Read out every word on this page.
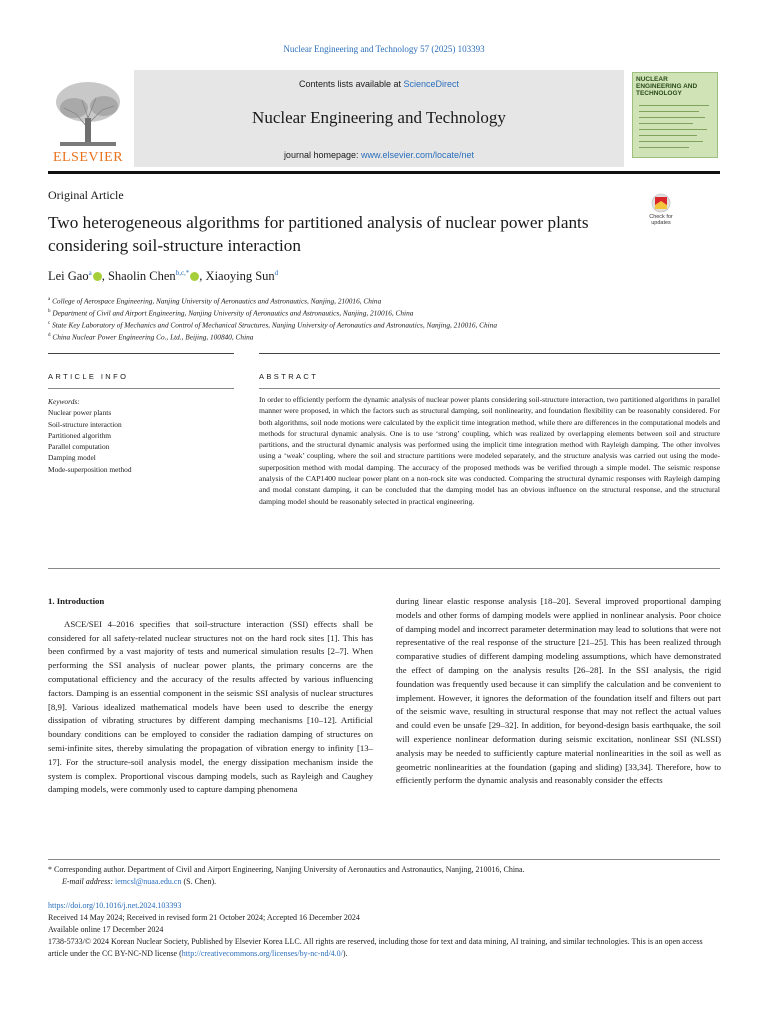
Nuclear Engineering and Technology 57 (2025) 103393
ELSEVIER
Contents lists available at ScienceDirect
Nuclear Engineering and Technology
journal homepage: www.elsevier.com/locate/net
NUCLEAR
ENGINEERING AND
TECHNOLOGY
Original Article
Two heterogeneous algorithms for partitioned analysis of nuclear power plants considering soil-structure interaction
Check for
updates
Lei Gao$^a$ , Shaolin Chen$^{b,c,*}$ , Xiaoying Sun$^d$
$^a$ College of Aerospace Engineering, Nanjing University of Aeronautics and Astronautics, Nanjing, 210016, China
$^b$ Department of Civil and Airport Engineering, Nanjing University of Aeronautics and Astronautics, Nanjing, 210016, China
$^c$ State Key Laboratory of Mechanics and Control of Mechanical Structures, Nanjing University of Aeronautics and Astronautics, Nanjing, 210016, China
$^d$ China Nuclear Power Engineering Co., Ltd., Beijing, 100840, China
ARTICLE INFO	ABSTRACT
Keywords:
Nuclear power plants
Soil-structure interaction
Partitioned algorithm
Parallel computation
Damping model
Mode-superposition method
In order to efficiently perform the dynamic analysis of nuclear power plants considering soil-structure interaction, two partitioned algorithms in parallel manner were proposed, in which the factors such as structural damping, soil nonlinearity, and foundation flexibility can be reasonably considered. For both algorithms, soil node motions were calculated by the explicit time integration method, while there are differences in the computational models and methods for structural dynamic analysis. One is to use ‘strong’ coupling, which was realized by overlapping elements between soil and structure partitions, and the structural dynamic analysis was performed using the implicit time integration method with Rayleigh damping. The other involves using a ‘weak’ coupling, where the soil and structure partitions were modeled separately, and the structure analysis was carried out using the mode-superposition method with modal damping. The accuracy of the proposed methods was be verified through a simple model. The seismic response analysis of the CAP1400 nuclear power plant on a non-rock site was conducted. Comparing the structural dynamic responses with Rayleigh damping and modal constant damping, it can be concluded that the damping model has an obvious influence on the structural response, and the structural damping model should be reasonably selected in practical engineering.
1. Introduction
ASCE/SEI 4–2016 specifies that soil-structure interaction (SSI) effects shall be considered for all safety-related nuclear structures not on the hard rock sites [1]. This has been confirmed by a vast majority of tests and numerical simulation results [2–7]. When performing the SSI analysis of nuclear power plants, the primary concerns are the computational efficiency and the accuracy of the results affected by various influencing factors. Damping is an essential component in the seismic SSI analysis of nuclear structures [8,9]. Various idealized mathematical models have been used to describe the energy dissipation of vibrating structures by different damping mechanisms [10–12]. Artificial boundary conditions can be employed to consider the radiation damping of structures on semi-infinite sites, thereby simulating the propagation of vibration energy to infinity [13–17]. For the structure-soil analysis model, the energy dissipation mechanism inside the system is complex. Proportional viscous damping models, such as Rayleigh and Caughey damping models, were commonly used to capture damping phenomena
during linear elastic response analysis [18–20]. Several improved proportional damping models and other forms of damping models were applied in nonlinear analysis. Poor choice of damping model and incorrect parameter determination may lead to solutions that were not representative of the real response of the structure [21–25]. This has been realized through comparative studies of different damping modeling assumptions, which have demonstrated the effect of damping on the analysis results [26–28]. In the SSI analysis, the rigid foundation was frequently used because it can simplify the calculation and be convenient to implement. However, it ignores the deformation of the foundation itself and filters out part of the seismic wave, resulting in structural response that may not reflect the actual values and could even be unsafe [29–32]. In addition, for beyond-design basis earthquake, the soil will experience nonlinear deformation during seismic excitation, nonlinear SSI (NLSSI) analysis may be needed to sufficiently capture material nonlinearities in the soil as well as geometric nonlinearities at the foundation (gaping and sliding) [33,34]. Therefore, how to efficiently perform the dynamic analysis and reasonably consider the effects
* Corresponding author. Department of Civil and Airport Engineering, Nanjing University of Aeronautics and Astronautics, Nanjing, 210016, China.
E-mail address: iemcsl@nuaa.edu.cn (S. Chen).
https://doi.org/10.1016/j.net.2024.103393
Received 14 May 2024; Received in revised form 21 October 2024; Accepted 16 December 2024
Available online 17 December 2024
1738-5733/© 2024 Korean Nuclear Society, Published by Elsevier Korea LLC. All rights are reserved, including those for text and data mining, AI training, and similar technologies. This is an open access article under the CC BY-NC-ND license (http://creativecommons.org/licenses/by-nc-nd/4.0/).
